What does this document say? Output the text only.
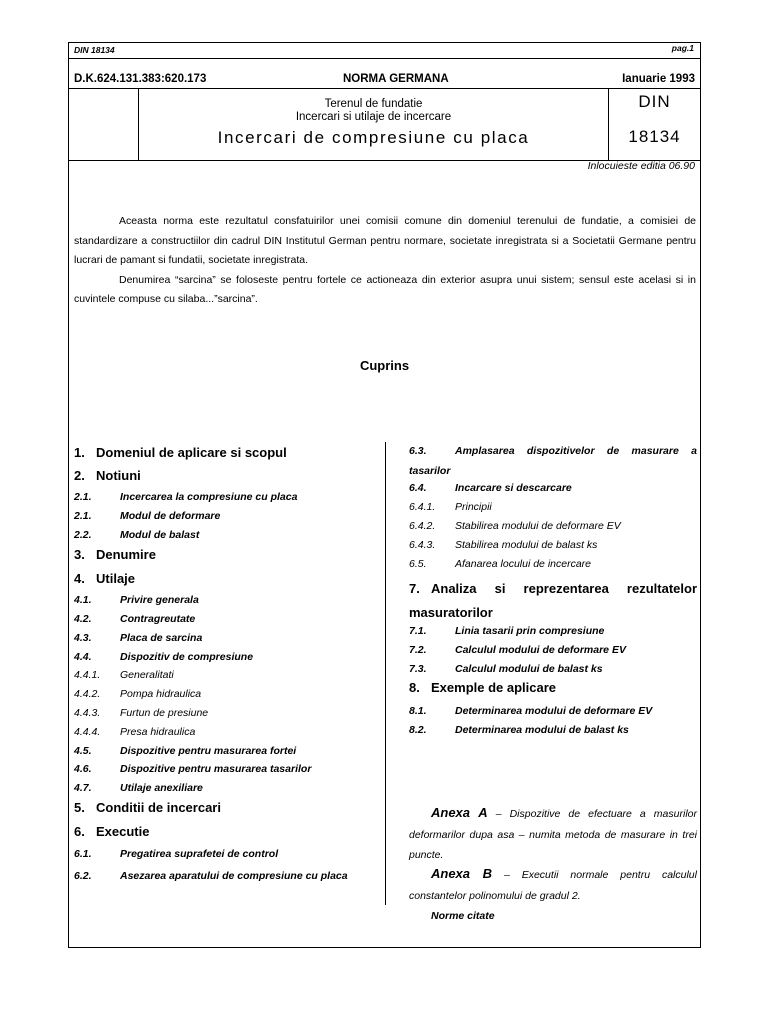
DIN 18134	pag.1
D.K.624.131.383:620.173	NORMA GERMANA	Ianuarie 1993
Terenul de fundatie
Incercari si utilaje de incercare
Incercari de compresiune cu placa
DIN
18134
Inlocuieste editia 06.90

Aceasta norma este rezultatul consfatuirilor unei comisii comune din domeniul terenului de fundatie, a comisiei de standardizare a constructiilor din cadrul DIN Institutul German pentru normare, societate inregistrata si a Societatii Germane pentru lucrari de pamant si fundatii, societate inregistrata.

Denumirea “sarcina” se foloseste pentru fortele ce actioneaza din exterior asupra unui sistem; sensul este acelasi si in cuvintele compuse cu silaba...”sarcina”.

Cuprins
1. Domeniul de aplicare si scopul
2. Notiuni
2.1.	Incercarea la compresiune cu placa
2.1.	Modul de deformare
2.2.	Modul de balast
3. Denumire
4. Utilaje
4.1.	Privire generala
4.2.	Contragreutate
4.3.	Placa de sarcina
4.4.	Dispozitiv de compresiune
4.4.1. Generalitati
4.4.2. Pompa hidraulica
4.4.3. Furtun de presiune
4.4.4. Presa hidraulica
4.5.	Dispozitive pentru masurarea fortei
4.6.	Dispozitive pentru masurarea tasarilor
4.7.	Utilaje anexiliare
5. Conditii de incercari
6. Executie
6.1.	Pregatirea suprafetei de control
6.2.	Asezarea aparatului de compresiune cu placa
Anexa A – Dispozitive de efectuare a masurilor deformarilor dupa asa – numita metoda de masurare in trei puncte.
Anexa B – Executii normale pentru calculul constantelor polinomului de gradul 2.
Norme citate
6.3.	Amplasarea dispozitivelor de masurare a tasarilor
6.4.	Incarcare si descarcare
6.4.1. Principii
6.4.2. Stabilirea modului de deformare EV
6.4.3. Stabilirea modului de balast ks
6.5.	Afanarea locului de incercare
7. Analiza si reprezentarea rezultatelor masuratorilor
7.1.	Linia tasarii prin compresiune
7.2.	Calculul modului de deformare EV
7.3.	Calculul modului de balast ks
8. Exemple de aplicare
8.1.	Determinarea modului de deformare EV
8.2.	Determinarea modului de balast ks
